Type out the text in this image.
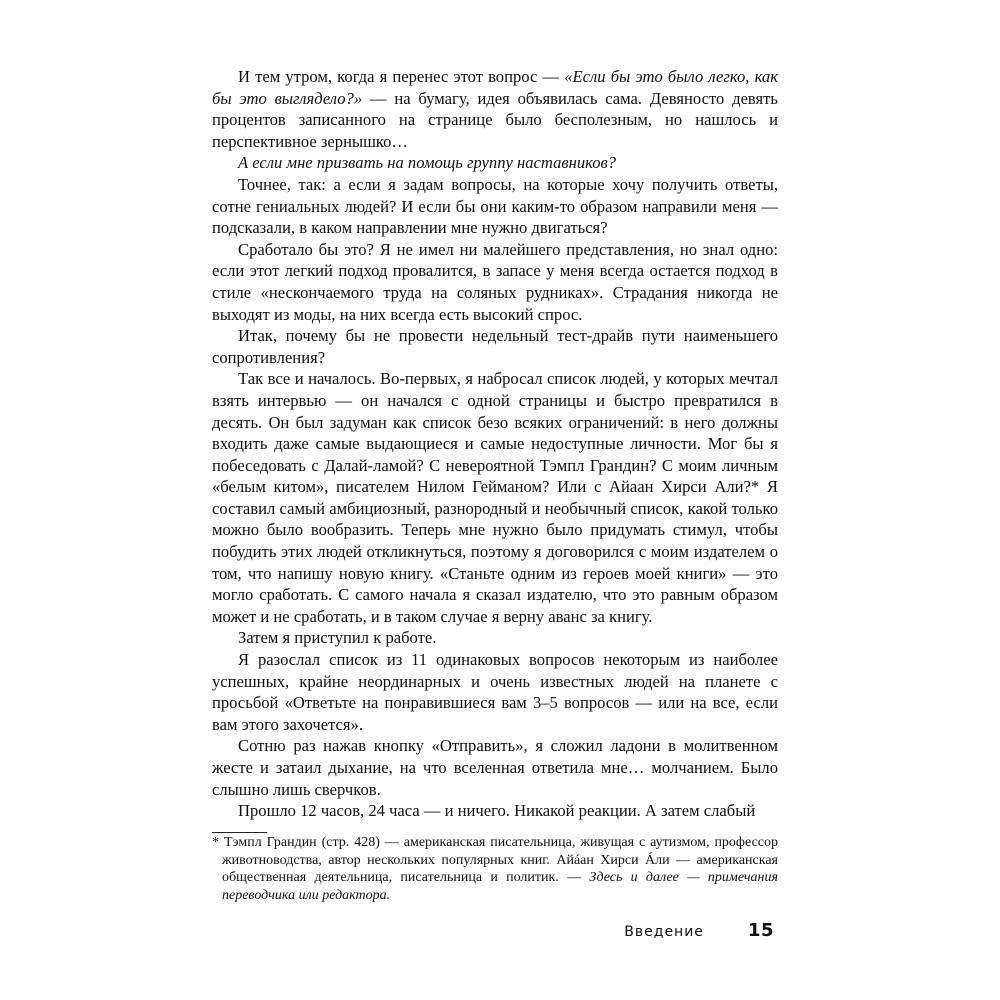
И тем утром, когда я перенес этот вопрос — «Если бы это было легко, как бы это выглядело?» — на бумагу, идея объявилась сама. Девяносто девять процентов записанного на странице было бесполезным, но нашлось и перспективное зернышко…

А если мне призвать на помощь группу наставников?

Точнее, так: а если я задам вопросы, на которые хочу получить ответы, сотне гениальных людей? И если бы они каким-то образом направили меня — подсказали, в каком направлении мне нужно двигаться?

Сработало бы это? Я не имел ни малейшего представления, но знал одно: если этот легкий подход провалится, в запасе у меня всегда остается подход в стиле «нескончаемого труда на соляных рудниках». Страдания никогда не выходят из моды, на них всегда есть высокий спрос.

Итак, почему бы не провести недельный тест-драйв пути наименьшего сопротивления?

Так все и началось. Во-первых, я набросал список людей, у которых мечтал взять интервью — он начался с одной страницы и быстро превратился в десять. Он был задуман как список безо всяких ограничений: в него должны входить даже самые выдающиеся и самые недоступные личности. Мог бы я побеседовать с Далай-ламой? С невероятной Тэмпл Грандин? С моим личным «белым китом», писателем Нилом Гейманом? Или с Айаан Хирси Али?* Я составил самый амбициозный, разнородный и необычный список, какой только можно было вообразить. Теперь мне нужно было придумать стимул, чтобы побудить этих людей откликнуться, поэтому я договорился с моим издателем о том, что напишу новую книгу. «Станьте одним из героев моей книги» — это могло сработать. С самого начала я сказал издателю, что это равным образом может и не сработать, и в таком случае я верну аванс за книгу.

Затем я приступил к работе.

Я разослал список из 11 одинаковых вопросов некоторым из наиболее успешных, крайне неординарных и очень известных людей на планете с просьбой «Ответьте на понравившиеся вам 3–5 вопросов — или на все, если вам этого захочется».

Сотню раз нажав кнопку «Отправить», я сложил ладони в молитвенном жесте и затаил дыхание, на что вселенная ответила мне… молчанием. Было слышно лишь сверчков.

Прошло 12 часов, 24 часа — и ничего. Никакой реакции. А затем слабый

* Тэмпл Грандин (стр. 428) — американская писательница, живущая с аутизмом, профессор животноводства, автор нескольких популярных книг. Айáан Хирси Áли — американская общественная деятельница, писательница и политик. — Здесь и далее — примечания переводчика или редактора.

Введение 15
